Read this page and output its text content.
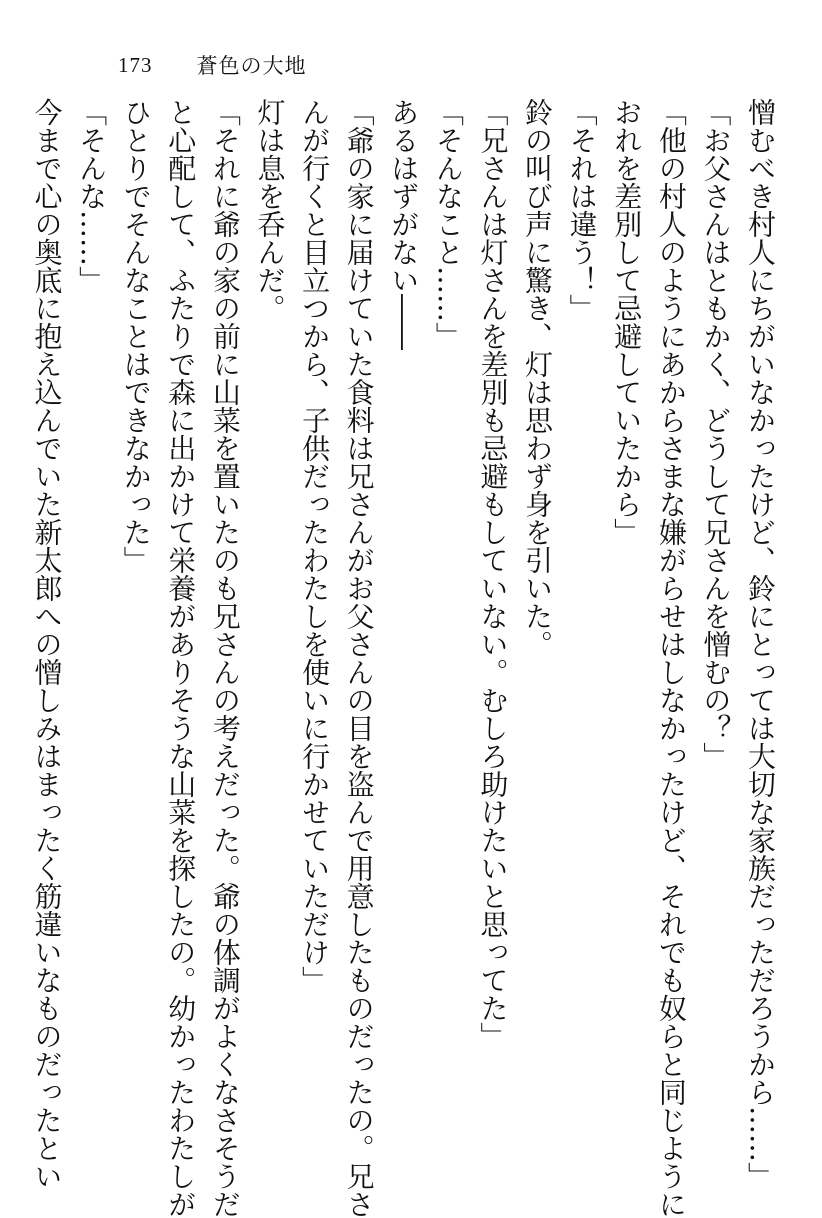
173 蒼色の大地
憎むべき村人にちがいなかったけど、鈴にとっては大切な家族だっただろうから……」
「お父さんはともかく、どうして兄さんを憎むの？」
「他の村人のようにあからさまな嫌がらせはしなかったけど、それでも奴らと同じように
おれを差別して忌避していたから」
「それは違う！」
鈴の叫び声に驚き、灯は思わず身を引いた。
「兄さんは灯さんを差別も忌避もしていない。むしろ助けたいと思ってた」
「そんなこと……」
あるはずがない――
「爺の家に届けていた食料は兄さんがお父さんの目を盗んで用意したものだったの。兄さ
んが行くと目立つから、子供だったわたしを使いに行かせていただけ」
灯は息を呑んだ。
「それに爺の家の前に山菜を置いたのも兄さんの考えだった。爺の体調がよくなさそうだ
と心配して、ふたりで森に出かけて栄養がありそうな山菜を探したの。幼かったわたしが
ひとりでそんなことはできなかった」
「そんな……」
今まで心の奥底に抱え込んでいた新太郎への憎しみはまったく筋違いなものだったとい
